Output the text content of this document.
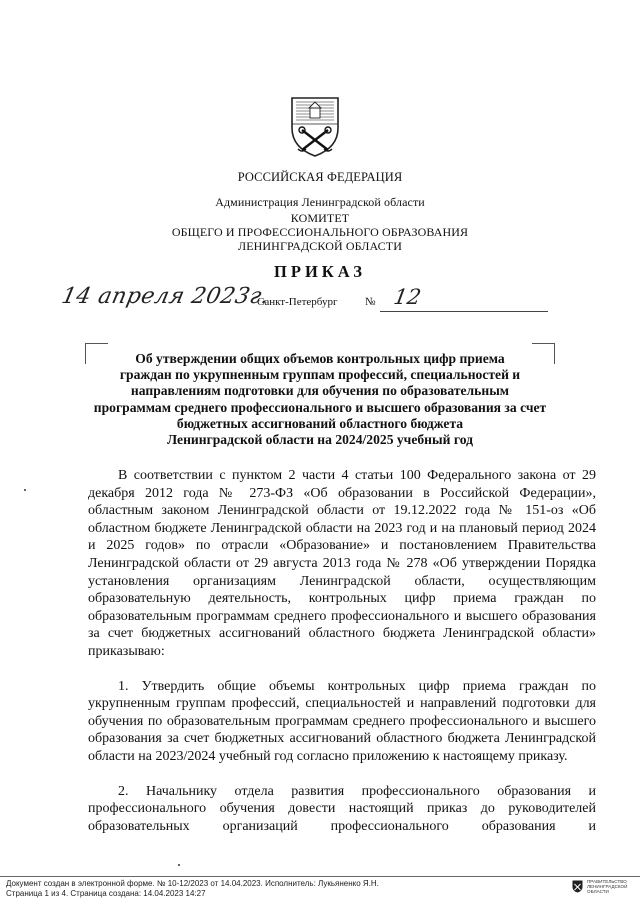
РОССИЙСКАЯ ФЕДЕРАЦИЯ
Администрация Ленинградской области
КОМИТЕТ
ОБЩЕГО И ПРОФЕССИОНАЛЬНОГО ОБРАЗОВАНИЯ
ЛЕНИНГРАДСКОЙ ОБЛАСТИ
ПРИКАЗ
14 апреля 2023г.
Санкт-Петербург	№ 12
Об утверждении общих объемов контрольных цифр приема
граждан по укрупненным группам профессий, специальностей и
направлениям подготовки для обучения по образовательным
программам среднего профессионального и высшего образования за счет
бюджетных ассигнований областного бюджета
Ленинградской области на 2024/2025 учебный год

В соответствии с пунктом 2 части 4 статьи 100 Федерального закона от 29 декабря 2012 года № 273-ФЗ «Об образовании в Российской Федерации», областным законом Ленинградской области от 19.12.2022 года № 151-оз «Об областном бюджете Ленинградской области на 2023 год и на плановый период 2024 и 2025 годов» по отрасли «Образование» и постановлением Правительства Ленинградской области от 29 августа 2013 года № 278 «Об утверждении Порядка установления организациям Ленинградской области, осуществляющим образовательную деятельность, контрольных цифр приема граждан по образовательным программам среднего профессионального и высшего образования за счет бюджетных ассигнований областного бюджета Ленинградской области» приказываю:

1. Утвердить общие объемы контрольных цифр приема граждан по укрупненным группам профессий, специальностей и направлений подготовки для обучения по образовательным программам среднего профессионального и высшего образования за счет бюджетных ассигнований областного бюджета Ленинградской области на 2023/2024 учебный год согласно приложению к настоящему приказу.

2. Начальнику отдела развития профессионального образования и профессионального обучения довести настоящий приказ до руководителей образовательных организаций профессионального образования и

Документ создан в электронной форме. № 10-12/2023 от 14.04.2023. Исполнитель: Лукьяненко Я.Н.
Страница 1 из 4. Страница создана: 14.04.2023 14:27
ПРАВИТЕЛЬСТВО ЛЕНИНГРАДСКОЙ ОБЛАСТИ
